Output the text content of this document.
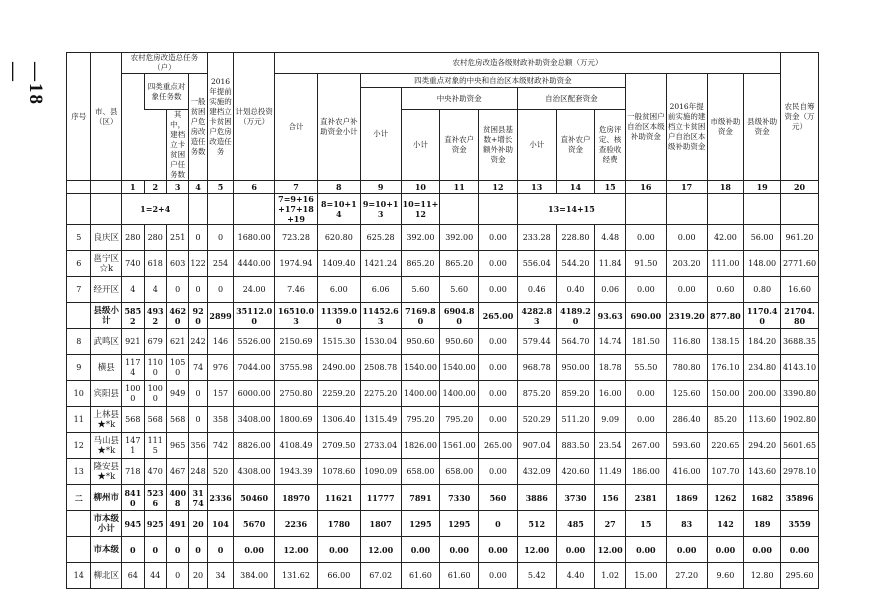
—18—
序号	市、县（区）	农村危房改造总任务（户）				2016年提前实施的建档立卡贫困户危房改造任务	计划总投资（万元）	农村危房改造各级财政补助资金总额（万元）													农民自筹资金（万元）
			四类重点对象任务数		一般贫困户危房改造任务数			合计	直补农户补助资金小计	四类重点对象的中央和自治区本级财政补助资金							一般贫困户自治区本级补助资金	2016年提前实施的建档立卡贫困户自治区本级补助资金	市级补助资金	县级补助资金	
										小计	中央补助资金			自治区配套资金							
				其中，建档立卡贫困户任务数							小计	直补农户资金	贫困县基数+增长额外补助资金	小计	直补农户资金	危房评定、核查验收经费					
		1	2	3	4	5	6	7	8	9	10	11	12	13	14	15	16	17	18	19	20
		1=2+4						7=9+16+17+18+19	8=10+14	9=10+13	10=11+12			13=14+15							
5	良庆区	280	280	251	0	0	1680.00	723.28	620.80	625.28	392.00	392.00	0.00	233.28	228.80	4.48	0.00	0.00	42.00	56.00	961.20
6	邕宁区☆k	740	618	603	122	254	4440.00	1974.94	1409.40	1421.24	865.20	865.20	0.00	556.04	544.20	11.84	91.50	203.20	111.00	148.00	2771.60
7	经开区	4	4	0	0	0	24.00	7.46	6.00	6.06	5.60	5.60	0.00	0.46	0.40	0.06	0.00	0.00	0.60	0.80	16.60
	县级小计	5852	4932	4620	920	2899	35112.00	16510.03	11359.00	11452.63	7169.80	6904.80	265.00	4282.83	4189.20	93.63	690.00	2319.20	877.80	1170.40	21704.80
8	武鸣区	921	679	621	242	146	5526.00	2150.69	1515.30	1530.04	950.60	950.60	0.00	579.44	564.70	14.74	181.50	116.80	138.15	184.20	3688.35
9	横县	1174	1100	1050	74	976	7044.00	3755.98	2490.00	2508.78	1540.00	1540.00	0.00	968.78	950.00	18.78	55.50	780.80	176.10	234.80	4143.10
10	宾阳县	1000	1000	949	0	157	6000.00	2750.80	2259.20	2275.20	1400.00	1400.00	0.00	875.20	859.20	16.00	0.00	125.60	150.00	200.00	3390.80
11	上林县★*k	568	568	568	0	358	3408.00	1800.69	1306.40	1315.49	795.20	795.20	0.00	520.29	511.20	9.09	0.00	286.40	85.20	113.60	1902.80
12	马山县★*k	1471	1115	965	356	742	8826.00	4108.49	2709.50	2733.04	1826.00	1561.00	265.00	907.04	883.50	23.54	267.00	593.60	220.65	294.20	5601.65
13	隆安县★*k	718	470	467	248	520	4308.00	1943.39	1078.60	1090.09	658.00	658.00	0.00	432.09	420.60	11.49	186.00	416.00	107.70	143.60	2978.10
二	柳州市	8410	5236	4008	3174	2336	50460	18970	11621	11777	7891	7330	560	3886	3730	156	2381	1869	1262	1682	35896
	市本级小计	945	925	491	20	104	5670	2236	1780	1807	1295	1295	0	512	485	27	15	83	142	189	3559
	市本级	0	0	0	0	0	0.00	12.00	0.00	12.00	0.00	0.00	0.00	12.00	0.00	12.00	0.00	0.00	0.00	0.00	0.00
14	柳北区	64	44	0	20	34	384.00	131.62	66.00	67.02	61.60	61.60	0.00	5.42	4.40	1.02	15.00	27.20	9.60	12.80	295.60
